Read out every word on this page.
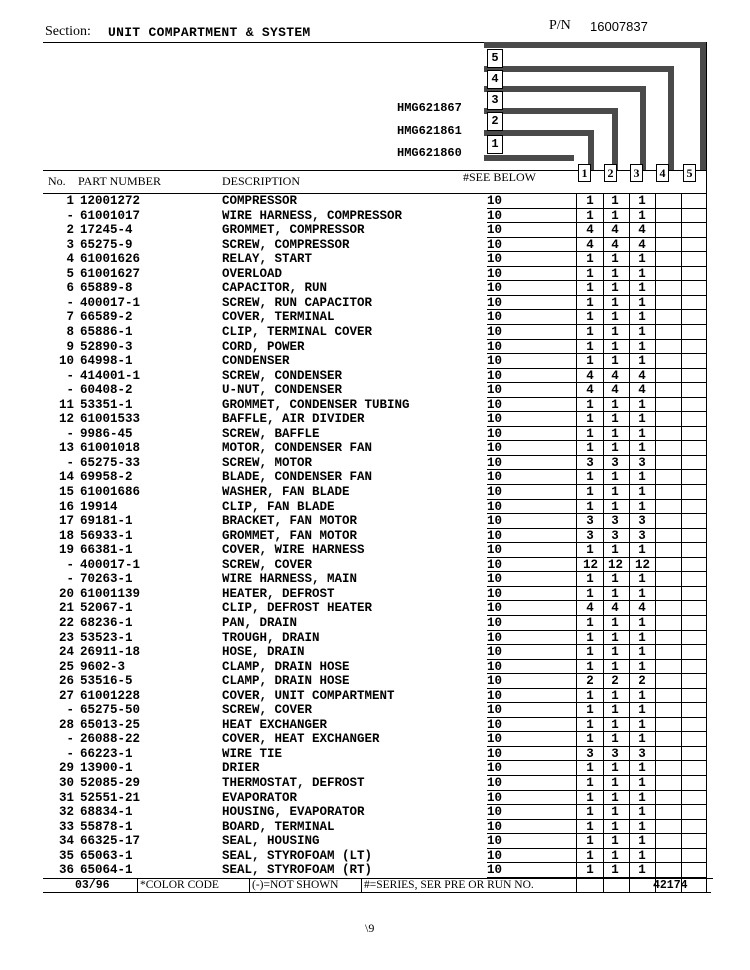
Section: UNIT COMPARTMENT & SYSTEM	P/N 16007837
5
4
3
2
1
HMG621867
HMG621861
HMG621860
No. PART NUMBER	DESCRIPTION	#SEE BELOW	1 2 3 4 5
1 12001272	COMPRESSOR	10	1 1 1
- 61001017	WIRE HARNESS, COMPRESSOR	10	1 1 1
2 17245-4	GROMMET, COMPRESSOR	10	4 4 4
3 65275-9	SCREW, COMPRESSOR	10	4 4 4
4 61001626	RELAY, START	10	1 1 1
5 61001627	OVERLOAD	10	1 1 1
6 65889-8	CAPACITOR, RUN	10	1 1 1
- 400017-1	SCREW, RUN CAPACITOR	10	1 1 1
7 66589-2	COVER, TERMINAL	10	1 1 1
8 65886-1	CLIP, TERMINAL COVER	10	1 1 1
9 52890-3	CORD, POWER	10	1 1 1
10 64998-1	CONDENSER	10	1 1 1
- 414001-1	SCREW, CONDENSER	10	4 4 4
- 60408-2	U-NUT, CONDENSER	10	4 4 4
11 53351-1	GROMMET, CONDENSER TUBING	10	1 1 1
12 61001533	BAFFLE, AIR DIVIDER	10	1 1 1
- 9986-45	SCREW, BAFFLE	10	1 1 1
13 61001018	MOTOR, CONDENSER FAN	10	1 1 1
- 65275-33	SCREW, MOTOR	10	3 3 3
14 69958-2	BLADE, CONDENSER FAN	10	1 1 1
15 61001686	WASHER, FAN BLADE	10	1 1 1
16 19914	CLIP, FAN BLADE	10	1 1 1
17 69181-1	BRACKET, FAN MOTOR	10	3 3 3
18 56933-1	GROMMET, FAN MOTOR	10	3 3 3
19 66381-1	COVER, WIRE HARNESS	10	1 1 1
- 400017-1	SCREW, COVER	10	12 12 12
- 70263-1	WIRE HARNESS, MAIN	10	1 1 1
20 61001139	HEATER, DEFROST	10	1 1 1
21 52067-1	CLIP, DEFROST HEATER	10	4 4 4
22 68236-1	PAN, DRAIN	10	1 1 1
23 53523-1	TROUGH, DRAIN	10	1 1 1
24 26911-18	HOSE, DRAIN	10	1 1 1
25 9602-3	CLAMP, DRAIN HOSE	10	1 1 1
26 53516-5	CLAMP, DRAIN HOSE	10	2 2 2
27 61001228	COVER, UNIT COMPARTMENT	10	1 1 1
- 65275-50	SCREW, COVER	10	1 1 1
28 65013-25	HEAT EXCHANGER	10	1 1 1
- 26088-22	COVER, HEAT EXCHANGER	10	1 1 1
- 66223-1	WIRE TIE	10	3 3 3
29 13900-1	DRIER	10	1 1 1
30 52085-29	THERMOSTAT, DEFROST	10	1 1 1
31 52551-21	EVAPORATOR	10	1 1 1
32 68834-1	HOUSING, EVAPORATOR	10	1 1 1
33 55878-1	BOARD, TERMINAL	10	1 1 1
34 66325-17	SEAL, HOUSING	10	1 1 1
35 65063-1	SEAL, STYROFOAM (LT)	10	1 1 1
36 65064-1	SEAL, STYROFOAM (RT)	10	1 1 1
03/96	*COLOR CODE	(-)=NOT SHOWN #=SERIES, SER PRE OR RUN NO.	42174
\9
